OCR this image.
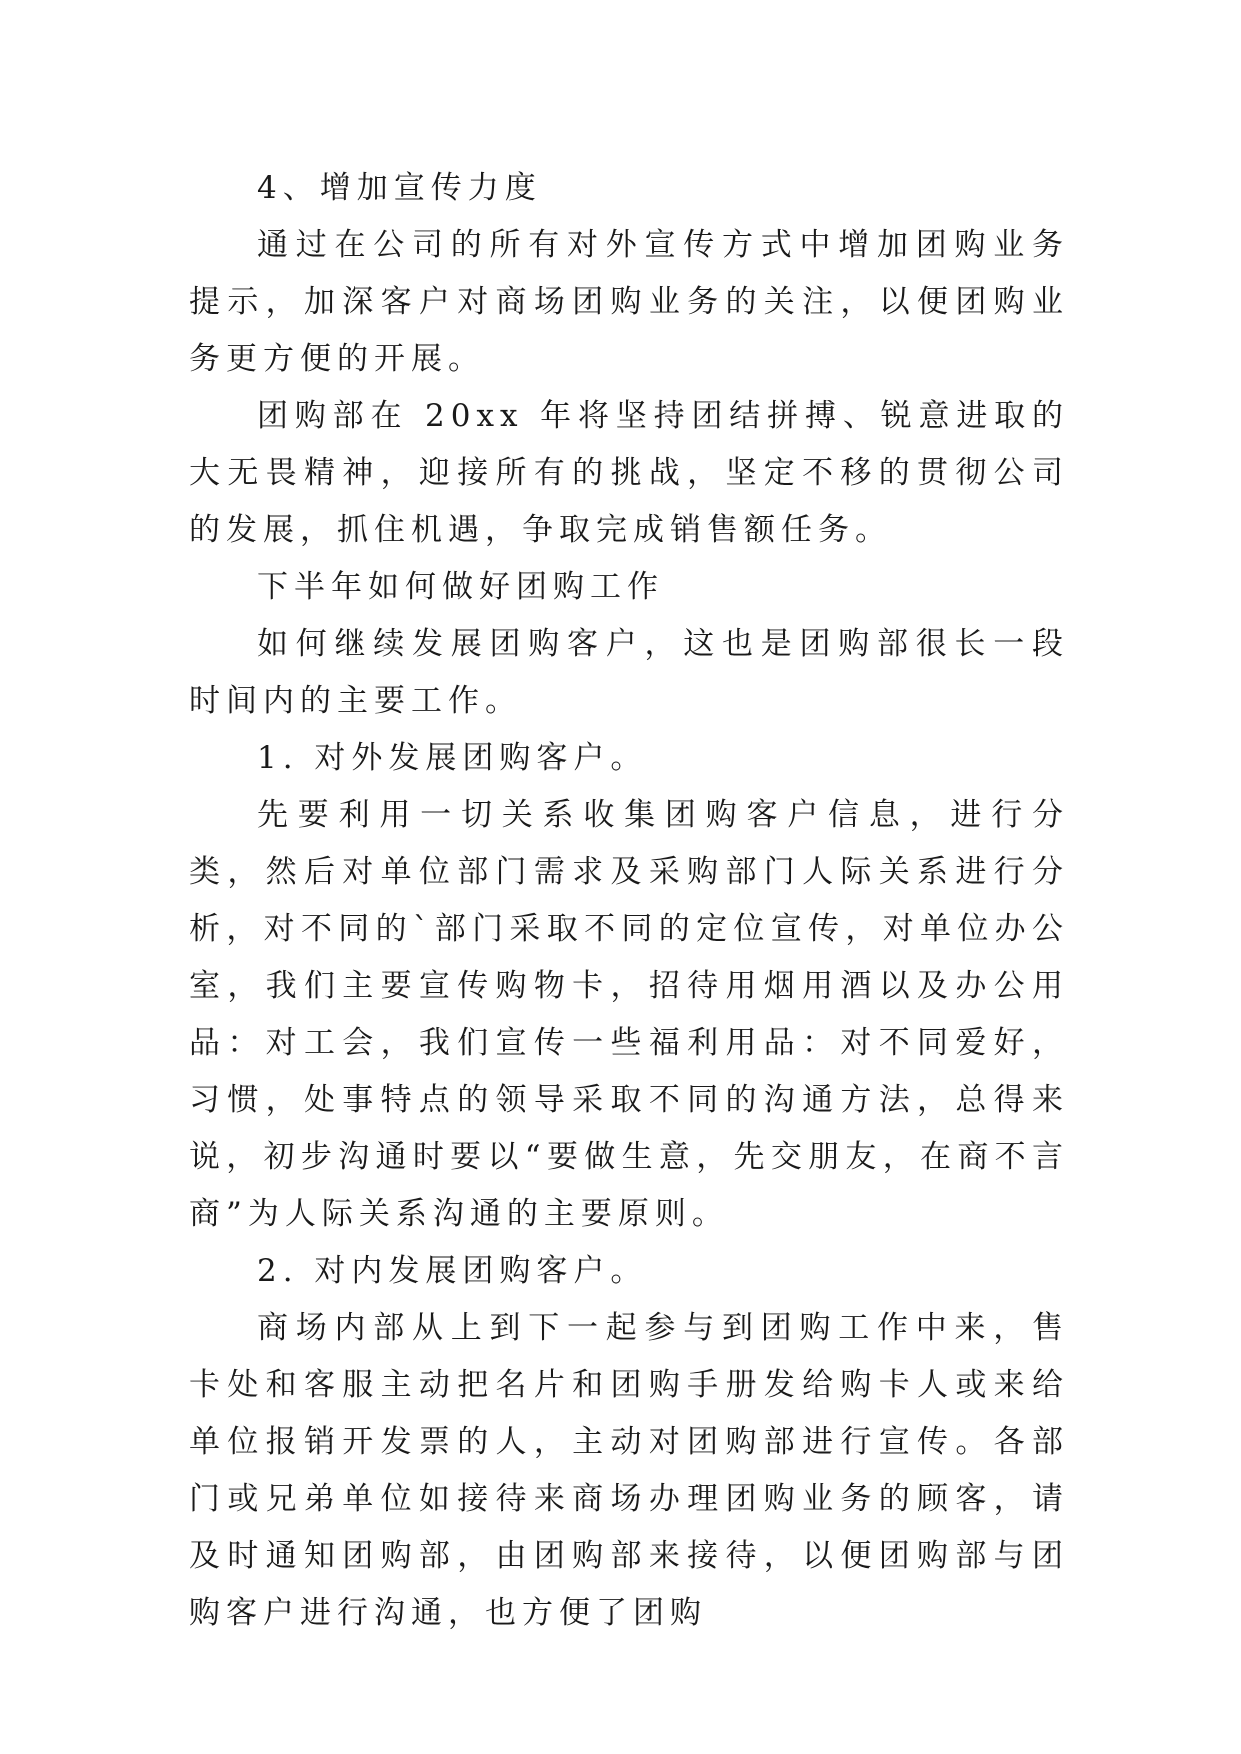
4、增加宣传力度

通过在公司的所有对外宣传方式中增加团购业务提示，加深客户对商场团购业务的关注，以便团购业务更方便的开展。

团购部在 20xx 年将坚持团结拼搏、锐意进取的大无畏精神，迎接所有的挑战，坚定不移的贯彻公司的发展，抓住机遇，争取完成销售额任务。

下半年如何做好团购工作

如何继续发展团购客户，这也是团购部很长一段时间内的主要工作。

1. 对外发展团购客户。

先要利用一切关系收集团购客户信息，进行分类，然后对单位部门需求及采购部门人际关系进行分析，对不同的`部门采取不同的定位宣传，对单位办公室，我们主要宣传购物卡，招待用烟用酒以及办公用品：对工会，我们宣传一些福利用品：对不同爱好，习惯，处事特点的领导采取不同的沟通方法，总得来说，初步沟通时要以“要做生意，先交朋友，在商不言商”为人际关系沟通的主要原则。

2. 对内发展团购客户。

商场内部从上到下一起参与到团购工作中来，售卡处和客服主动把名片和团购手册发给购卡人或来给单位报销开发票的人，主动对团购部进行宣传。各部门或兄弟单位如接待来商场办理团购业务的顾客，请及时通知团购部，由团购部来接待，以便团购部与团购客户进行沟通，也方便了团购
